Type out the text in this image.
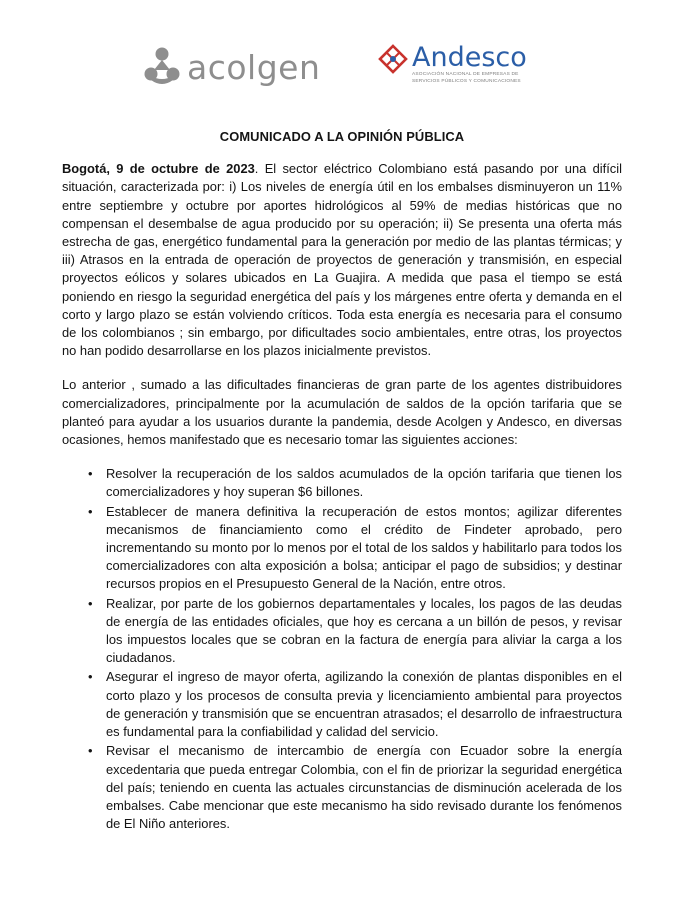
acolgen	Andesco
ASOCIACIÓN NACIONAL DE EMPRESAS DE
SERVICIOS PÚBLICOS Y COMUNICACIONES
COMUNICADO A LA OPINIÓN PÚBLICA

Bogotá, 9 de octubre de 2023. El sector eléctrico Colombiano está pasando por una difícil situación, caracterizada por: i) Los niveles de energía útil en los embalses disminuyeron un 11% entre septiembre y octubre por aportes hidrológicos al 59% de medias históricas que no compensan el desembalse de agua producido por su operación; ii) Se presenta una oferta más estrecha de gas, energético fundamental para la generación por medio de las plantas térmicas; y iii) Atrasos en la entrada de operación de proyectos de generación y transmisión, en especial proyectos eólicos y solares ubicados en La Guajira. A medida que pasa el tiempo se está poniendo en riesgo la seguridad energética del país y los márgenes entre oferta y demanda en el corto y largo plazo se están volviendo críticos. Toda esta energía es necesaria para el consumo de los colombianos ; sin embargo, por dificultades socio ambientales, entre otras, los proyectos no han podido desarrollarse en los plazos inicialmente previstos.

Lo anterior , sumado a las dificultades financieras de gran parte de los agentes distribuidores comercializadores, principalmente por la acumulación de saldos de la opción tarifaria que se planteó para ayudar a los usuarios durante la pandemia, desde Acolgen y Andesco, en diversas ocasiones, hemos manifestado que es necesario tomar las siguientes acciones:

• Resolver la recuperación de los saldos acumulados de la opción tarifaria que tienen los comercializadores y hoy superan $6 billones.
• Establecer de manera definitiva la recuperación de estos montos; agilizar diferentes mecanismos de financiamiento como el crédito de Findeter aprobado, pero incrementando su monto por lo menos por el total de los saldos y habilitarlo para todos los comercializadores con alta exposición a bolsa; anticipar el pago de subsidios; y destinar recursos propios en el Presupuesto General de la Nación, entre otros.
• Realizar, por parte de los gobiernos departamentales y locales, los pagos de las deudas de energía de las entidades oficiales, que hoy es cercana a un billón de pesos, y revisar los impuestos locales que se cobran en la factura de energía para aliviar la carga a los ciudadanos.
• Asegurar el ingreso de mayor oferta, agilizando la conexión de plantas disponibles en el corto plazo y los procesos de consulta previa y licenciamiento ambiental para proyectos de generación y transmisión que se encuentran atrasados; el desarrollo de infraestructura es fundamental para la confiabilidad y calidad del servicio.
• Revisar el mecanismo de intercambio de energía con Ecuador sobre la energía excedentaria que pueda entregar Colombia, con el fin de priorizar la seguridad energética del país; teniendo en cuenta las actuales circunstancias de disminución acelerada de los embalses. Cabe mencionar que este mecanismo ha sido revisado durante los fenómenos de El Niño anteriores.
